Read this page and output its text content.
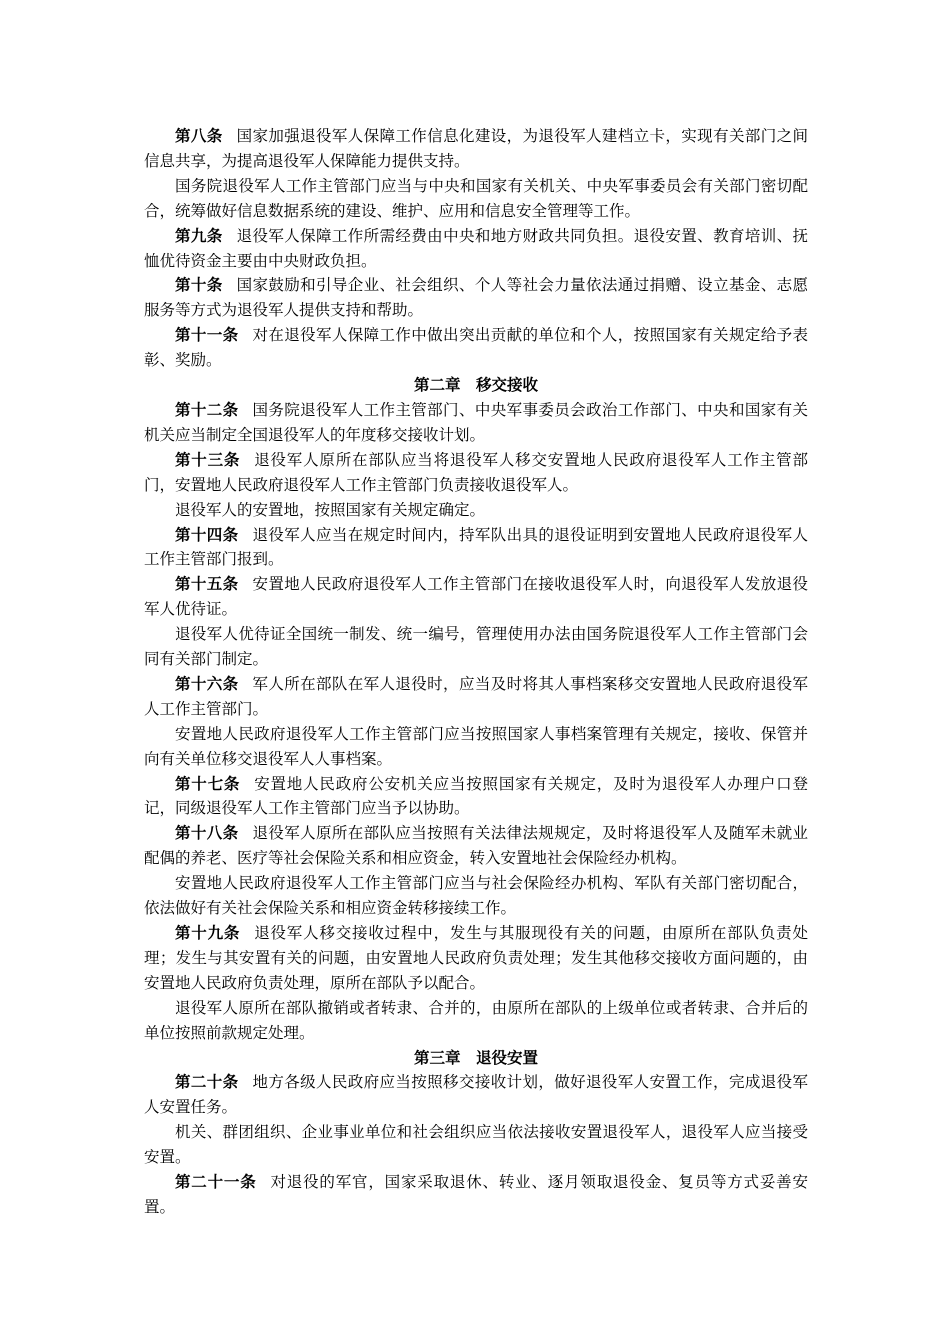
第八条 国家加强退役军人保障工作信息化建设，为退役军人建档立卡，实现有关部门之间信息共享，为提高退役军人保障能力提供支持。

国务院退役军人工作主管部门应当与中央和国家有关机关、中央军事委员会有关部门密切配合，统筹做好信息数据系统的建设、维护、应用和信息安全管理等工作。

第九条 退役军人保障工作所需经费由中央和地方财政共同负担。退役安置、教育培训、抚恤优待资金主要由中央财政负担。

第十条 国家鼓励和引导企业、社会组织、个人等社会力量依法通过捐赠、设立基金、志愿服务等方式为退役军人提供支持和帮助。

第十一条 对在退役军人保障工作中做出突出贡献的单位和个人，按照国家有关规定给予表彰、奖励。

第二章 移交接收

第十二条 国务院退役军人工作主管部门、中央军事委员会政治工作部门、中央和国家有关机关应当制定全国退役军人的年度移交接收计划。

第十三条 退役军人原所在部队应当将退役军人移交安置地人民政府退役军人工作主管部门，安置地人民政府退役军人工作主管部门负责接收退役军人。

退役军人的安置地，按照国家有关规定确定。

第十四条 退役军人应当在规定时间内，持军队出具的退役证明到安置地人民政府退役军人工作主管部门报到。

第十五条 安置地人民政府退役军人工作主管部门在接收退役军人时，向退役军人发放退役军人优待证。

退役军人优待证全国统一制发、统一编号，管理使用办法由国务院退役军人工作主管部门会同有关部门制定。

第十六条 军人所在部队在军人退役时，应当及时将其人事档案移交安置地人民政府退役军人工作主管部门。

安置地人民政府退役军人工作主管部门应当按照国家人事档案管理有关规定，接收、保管并向有关单位移交退役军人人事档案。

第十七条 安置地人民政府公安机关应当按照国家有关规定，及时为退役军人办理户口登记，同级退役军人工作主管部门应当予以协助。

第十八条 退役军人原所在部队应当按照有关法律法规规定，及时将退役军人及随军未就业配偶的养老、医疗等社会保险关系和相应资金，转入安置地社会保险经办机构。

安置地人民政府退役军人工作主管部门应当与社会保险经办机构、军队有关部门密切配合，依法做好有关社会保险关系和相应资金转移接续工作。

第十九条 退役军人移交接收过程中，发生与其服现役有关的问题，由原所在部队负责处理；发生与其安置有关的问题，由安置地人民政府负责处理；发生其他移交接收方面问题的，由安置地人民政府负责处理，原所在部队予以配合。

退役军人原所在部队撤销或者转隶、合并的，由原所在部队的上级单位或者转隶、合并后的单位按照前款规定处理。

第三章 退役安置

第二十条 地方各级人民政府应当按照移交接收计划，做好退役军人安置工作，完成退役军人安置任务。

机关、群团组织、企业事业单位和社会组织应当依法接收安置退役军人，退役军人应当接受安置。

第二十一条 对退役的军官，国家采取退休、转业、逐月领取退役金、复员等方式妥善安置。
